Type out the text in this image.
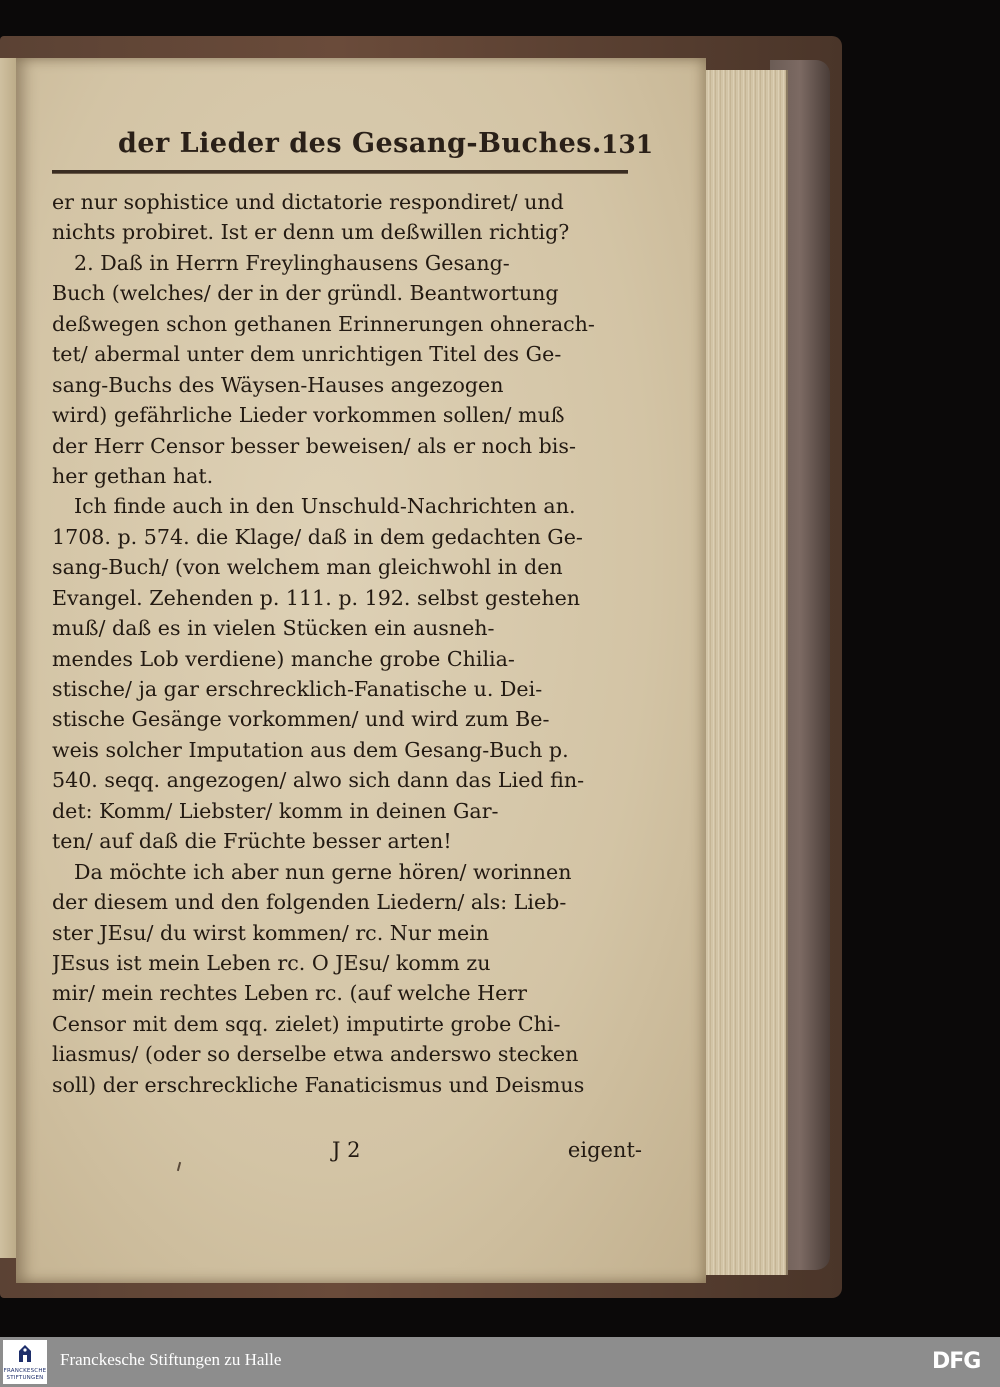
der Lieder des Gesang-Buches. 131
er nur sophistice und dictatorie respondiret/ und
nichts probiret. Ist er denn um deßwillen richtig?
2. Daß in Herrn Freylinghausens Gesang-
Buch (welches/ der in der gründl. Beantwortung
deßwegen schon gethanen Erinnerungen ohnerach-
tet/ abermal unter dem unrichtigen Titel des Ge-
sang-Buchs des Wäysen-Hauses angezogen
wird) gefährliche Lieder vorkommen sollen/ muß
der Herr Censor besser beweisen/ als er noch bis-
her gethan hat.
Ich finde auch in den Unschuld-Nachrichten an.
1708. p. 574. die Klage/ daß in dem gedachten Ge-
sang-Buch/ (von welchem man gleichwohl in den
Evangel. Zehenden p. 111. p. 192. selbst gestehen
muß/ daß es in vielen Stücken ein ausneh-
mendes Lob verdiene) manche grobe Chilia-
stische/ ja gar erschrecklich-Fanatische u. Dei-
stische Gesänge vorkommen/ und wird zum Be-
weis solcher Imputation aus dem Gesang-Buch p.
540. seqq. angezogen/ alwo sich dann das Lied fin-
det: Komm/ Liebster/ komm in deinen Gar-
ten/ auf daß die Früchte besser arten!
Da möchte ich aber nun gerne hören/ worinnen
der diesem und den folgenden Liedern/ als: Lieb-
ster JEsu/ du wirst kommen/ rc. Nur mein
JEsus ist mein Leben rc. O JEsu/ komm zu
mir/ mein rechtes Leben rc. (auf welche Herr
Censor mit dem sqq. zielet) imputirte grobe Chi-
liasmus/ (oder so derselbe etwa anderswo stecken
soll) der erschreckliche Fanaticismus und Deismus
J 2	eigent-
FRANCKESCHE
STIFTUNGEN
Franckesche Stiftungen zu Halle	DFG
